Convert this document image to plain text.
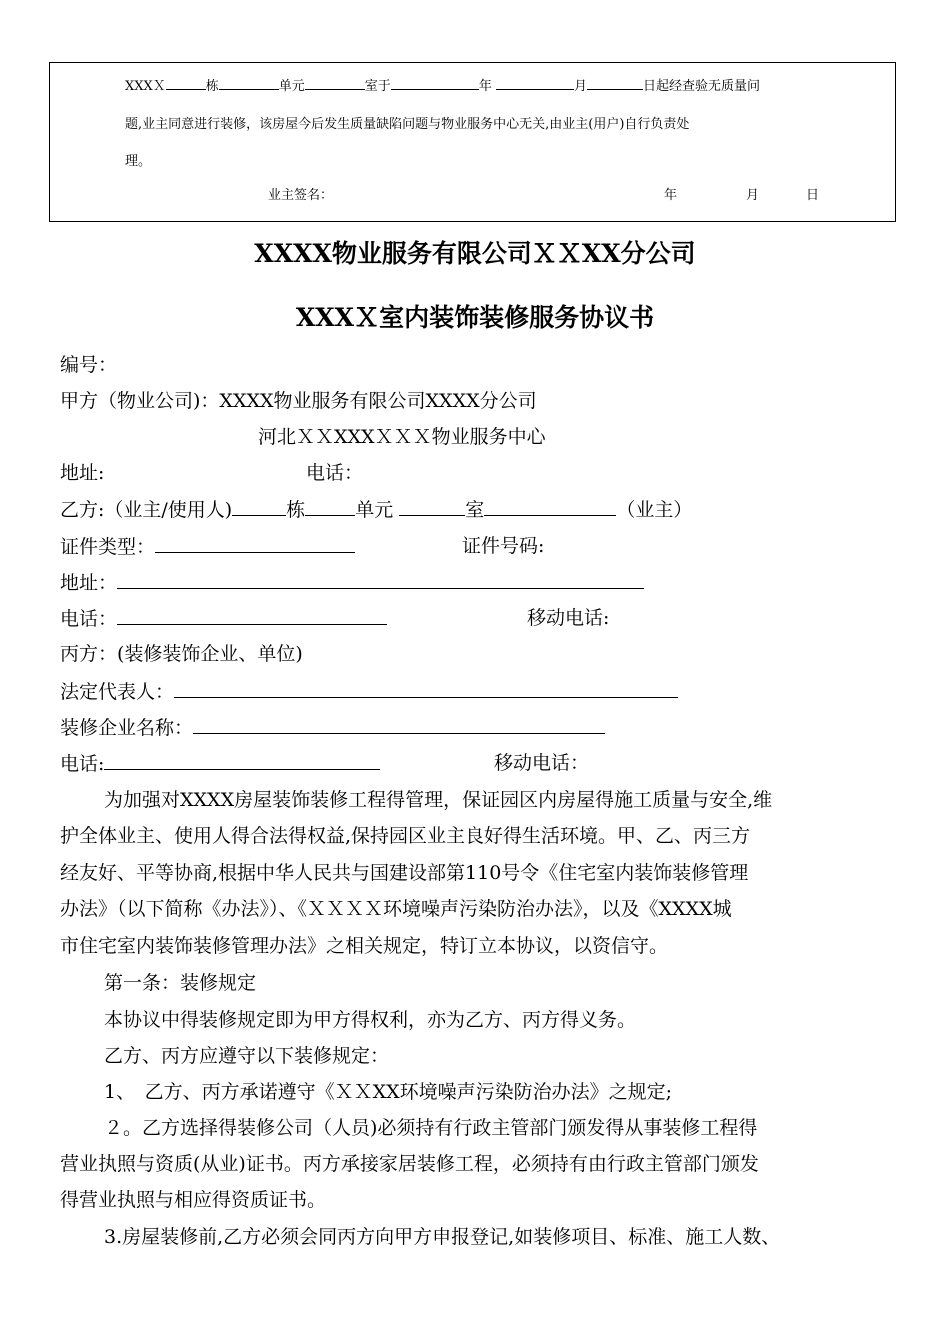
XXXＸ	栋	单元	室于	年	月	日起经查验无质量问
题,业主同意进行装修，该房屋今后发生质量缺陷问题与物业服务中心无关,由业主(用户)自行负责处
理。
业主签名：	年	月	日
XXXX物业服务有限公司ＸＸXX分公司
XXXＸ室内装饰装修服务协议书
编号：
甲方（物业公司)：XXXX物业服务有限公司XXXX分公司
河北ＸＸXXXＸＸＸ物业服务中心
地址:	电话：
乙方:（业主/使用人)	栋	单元	室	（业主）
证件类型：	证件号码:
地址：
电话：	移动电话:
丙方：(装修装饰企业、单位)
法定代表人：
装修企业名称：
电话:	移动电话：
为加强对XXXX房屋装饰装修工程得管理，保证园区内房屋得施工质量与安全,维
护全体业主、使用人得合法得权益,保持园区业主良好得生活环境。甲、乙、丙三方
经友好、平等协商,根据中华人民共与国建设部第110号令《住宅室内装饰装修管理
办法》（以下简称《办法》）、《ＸＸＸＸ环境噪声污染防治办法》，以及《XXXX城
市住宅室内装饰装修管理办法》之相关规定，特订立本协议，以资信守。
第一条：装修规定
本协议中得装修规定即为甲方得权利，亦为乙方、丙方得义务。
乙方、丙方应遵守以下装修规定：
1、　乙方、丙方承诺遵守《ＸＸXX环境噪声污染防治办法》之规定;
２。乙方选择得装修公司（人员)必须持有行政主管部门颁发得从事装修工程得
营业执照与资质(从业)证书。丙方承接家居装修工程，必须持有由行政主管部门颁发
得营业执照与相应得资质证书。
3.房屋装修前,乙方必须会同丙方向甲方申报登记,如装修项目、标准、施工人数、
